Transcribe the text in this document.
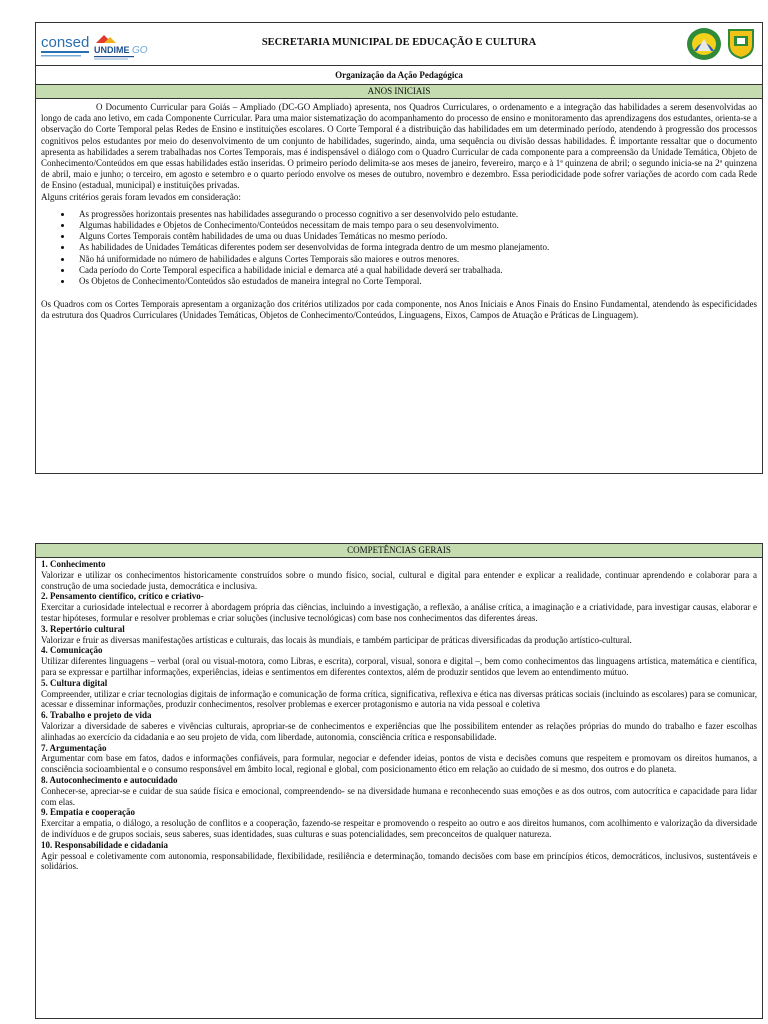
consed UNDIME GO
SECRETARIA MUNICIPAL DE EDUCAÇÃO E CULTURA
Organização da Ação Pedagógica
ANOS INICIAIS

O Documento Curricular para Goiás – Ampliado (DC-GO Ampliado) apresenta, nos Quadros Curriculares, o ordenamento e a integração das habilidades a serem desenvolvidas ao longo de cada ano letivo, em cada Componente Curricular. Para uma maior sistematização do acompanhamento do processo de ensino e monitoramento das aprendizagens dos estudantes, orienta-se a observação do Corte Temporal pelas Redes de Ensino e instituições escolares. O Corte Temporal é a distribuição das habilidades em um determinado período, atendendo à progressão dos processos cognitivos pelos estudantes por meio do desenvolvimento de um conjunto de habilidades, sugerindo, ainda, uma sequência ou divisão dessas habilidades. É importante ressaltar que o documento apresenta as habilidades a serem trabalhadas nos Cortes Temporais, mas é indispensável o diálogo com o Quadro Curricular de cada componente para a compreensão da Unidade Temática, Objeto de Conhecimento/Conteúdos em que essas habilidades estão inseridas. O primeiro período delimita-se aos meses de janeiro, fevereiro, março e à 1ª quinzena de abril; o segundo inicia-se na 2ª quinzena de abril, maio e junho; o terceiro, em agosto e setembro e o quarto período envolve os meses de outubro, novembro e dezembro. Essa periodicidade pode sofrer variações de acordo com cada Rede de Ensino (estadual, municipal) e instituições privadas.

Alguns critérios gerais foram levados em consideração:

• As progressões horizontais presentes nas habilidades assegurando o processo cognitivo a ser desenvolvido pelo estudante.
• Algumas habilidades e Objetos de Conhecimento/Conteúdos necessitam de mais tempo para o seu desenvolvimento.
• Alguns Cortes Temporais contêm habilidades de uma ou duas Unidades Temáticas no mesmo período.
• As habilidades de Unidades Temáticas diferentes podem ser desenvolvidas de forma integrada dentro de um mesmo planejamento.
• Não há uniformidade no número de habilidades e alguns Cortes Temporais são maiores e outros menores.
• Cada período do Corte Temporal especifica a habilidade inicial e demarca até a qual habilidade deverá ser trabalhada.
• Os Objetos de Conhecimento/Conteúdos são estudados de maneira integral no Corte Temporal.

Os Quadros com os Cortes Temporais apresentam a organização dos critérios utilizados por cada componente, nos Anos Iniciais e Anos Finais do Ensino Fundamental, atendendo às especificidades da estrutura dos Quadros Curriculares (Unidades Temáticas, Objetos de Conhecimento/Conteúdos, Linguagens, Eixos, Campos de Atuação e Práticas de Linguagem).

COMPETÊNCIAS GERAIS

1. Conhecimento

Valorizar e utilizar os conhecimentos historicamente construídos sobre o mundo físico, social, cultural e digital para entender e explicar a realidade, continuar aprendendo e colaborar para a construção de uma sociedade justa, democrática e inclusiva.

2. Pensamento científico, crítico e criativo-

Exercitar a curiosidade intelectual e recorrer à abordagem própria das ciências, incluindo a investigação, a reflexão, a análise crítica, a imaginação e a criatividade, para investigar causas, elaborar e testar hipóteses, formular e resolver problemas e criar soluções (inclusive tecnológicas) com base nos conhecimentos das diferentes áreas.

3. Repertório cultural

Valorizar e fruir as diversas manifestações artísticas e culturais, das locais às mundiais, e também participar de práticas diversificadas da produção artístico-cultural.

4. Comunicação

Utilizar diferentes linguagens – verbal (oral ou visual-motora, como Libras, e escrita), corporal, visual, sonora e digital –, bem como conhecimentos das linguagens artística, matemática e científica, para se expressar e partilhar informações, experiências, ideias e sentimentos em diferentes contextos, além de produzir sentidos que levem ao entendimento mútuo.

5. Cultura digital

Compreender, utilizar e criar tecnologias digitais de informação e comunicação de forma crítica, significativa, reflexiva e ética nas diversas práticas sociais (incluindo as escolares) para se comunicar, acessar e disseminar informações, produzir conhecimentos, resolver problemas e exercer protagonismo e autoria na vida pessoal e coletiva

6. Trabalho e projeto de vida

Valorizar a diversidade de saberes e vivências culturais, apropriar-se de conhecimentos e experiências que lhe possibilitem entender as relações próprias do mundo do trabalho e fazer escolhas alinhadas ao exercício da cidadania e ao seu projeto de vida, com liberdade, autonomia, consciência crítica e responsabilidade.

7. Argumentação

Argumentar com base em fatos, dados e informações confiáveis, para formular, negociar e defender ideias, pontos de vista e decisões comuns que respeitem e promovam os direitos humanos, a consciência socioambiental e o consumo responsável em âmbito local, regional e global, com posicionamento ético em relação ao cuidado de si mesmo, dos outros e do planeta.

8. Autoconhecimento e autocuidado

Conhecer-se, apreciar-se e cuidar de sua saúde física e emocional, compreendendo- se na diversidade humana e reconhecendo suas emoções e as dos outros, com autocrítica e capacidade para lidar com elas.

9. Empatia e cooperação

Exercitar a empatia, o diálogo, a resolução de conflitos e a cooperação, fazendo-se respeitar e promovendo o respeito ao outro e aos direitos humanos, com acolhimento e valorização da diversidade de indivíduos e de grupos sociais, seus saberes, suas identidades, suas culturas e suas potencialidades, sem preconceitos de qualquer natureza.

10. Responsabilidade e cidadania

Agir pessoal e coletivamente com autonomia, responsabilidade, flexibilidade, resiliência e determinação, tomando decisões com base em princípios éticos, democráticos, inclusivos, sustentáveis e solidários.
